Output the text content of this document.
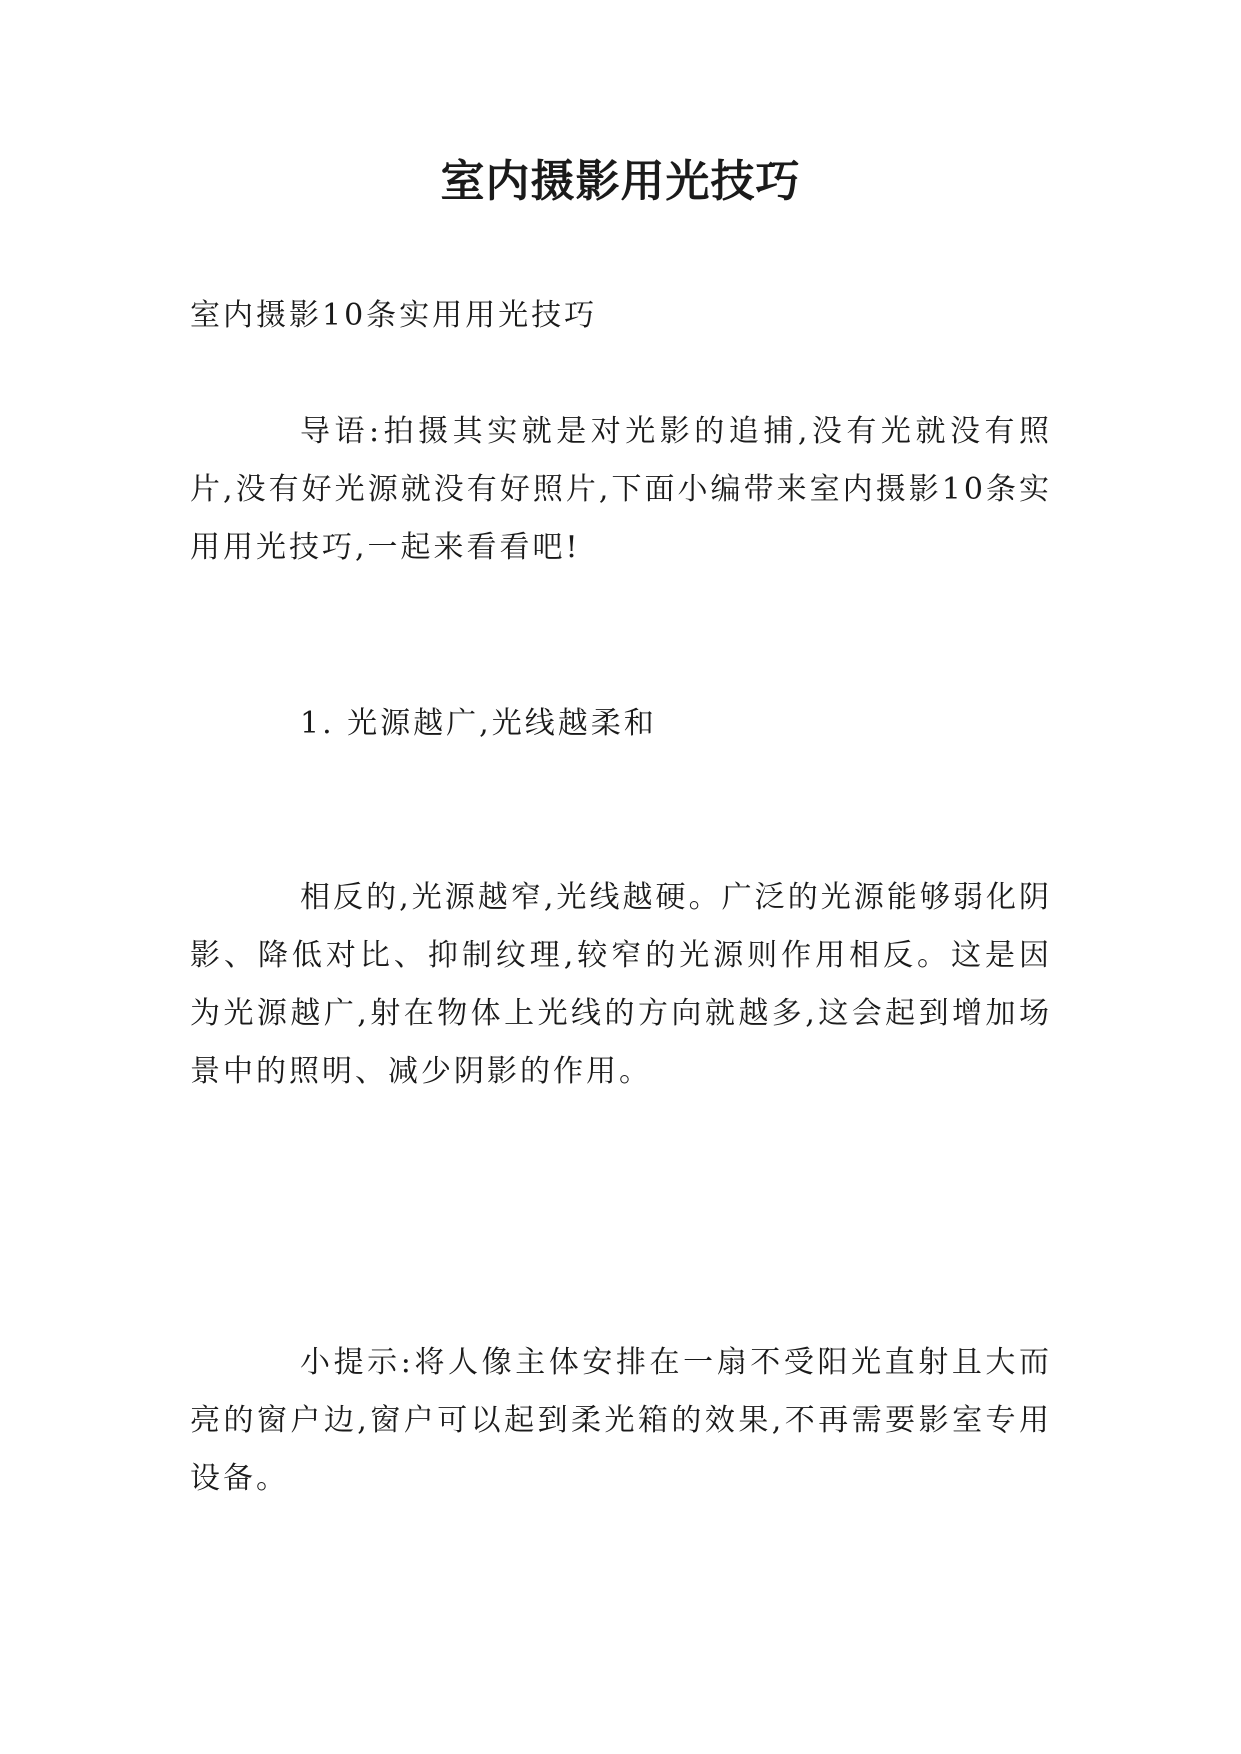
室内摄影用光技巧

室内摄影10条实用用光技巧

导语:拍摄其实就是对光影的追捕,没有光就没有照片,没有好光源就没有好照片,下面小编带来室内摄影10条实用用光技巧,一起来看看吧!

1. 光源越广,光线越柔和

相反的,光源越窄,光线越硬。广泛的光源能够弱化阴影、降低对比、抑制纹理,较窄的光源则作用相反。这是因为光源越广,射在物体上光线的方向就越多,这会起到增加场景中的照明、减少阴影的作用。

小提示:将人像主体安排在一扇不受阳光直射且大而亮的窗户边,窗户可以起到柔光箱的效果,不再需要影室专用设备。
